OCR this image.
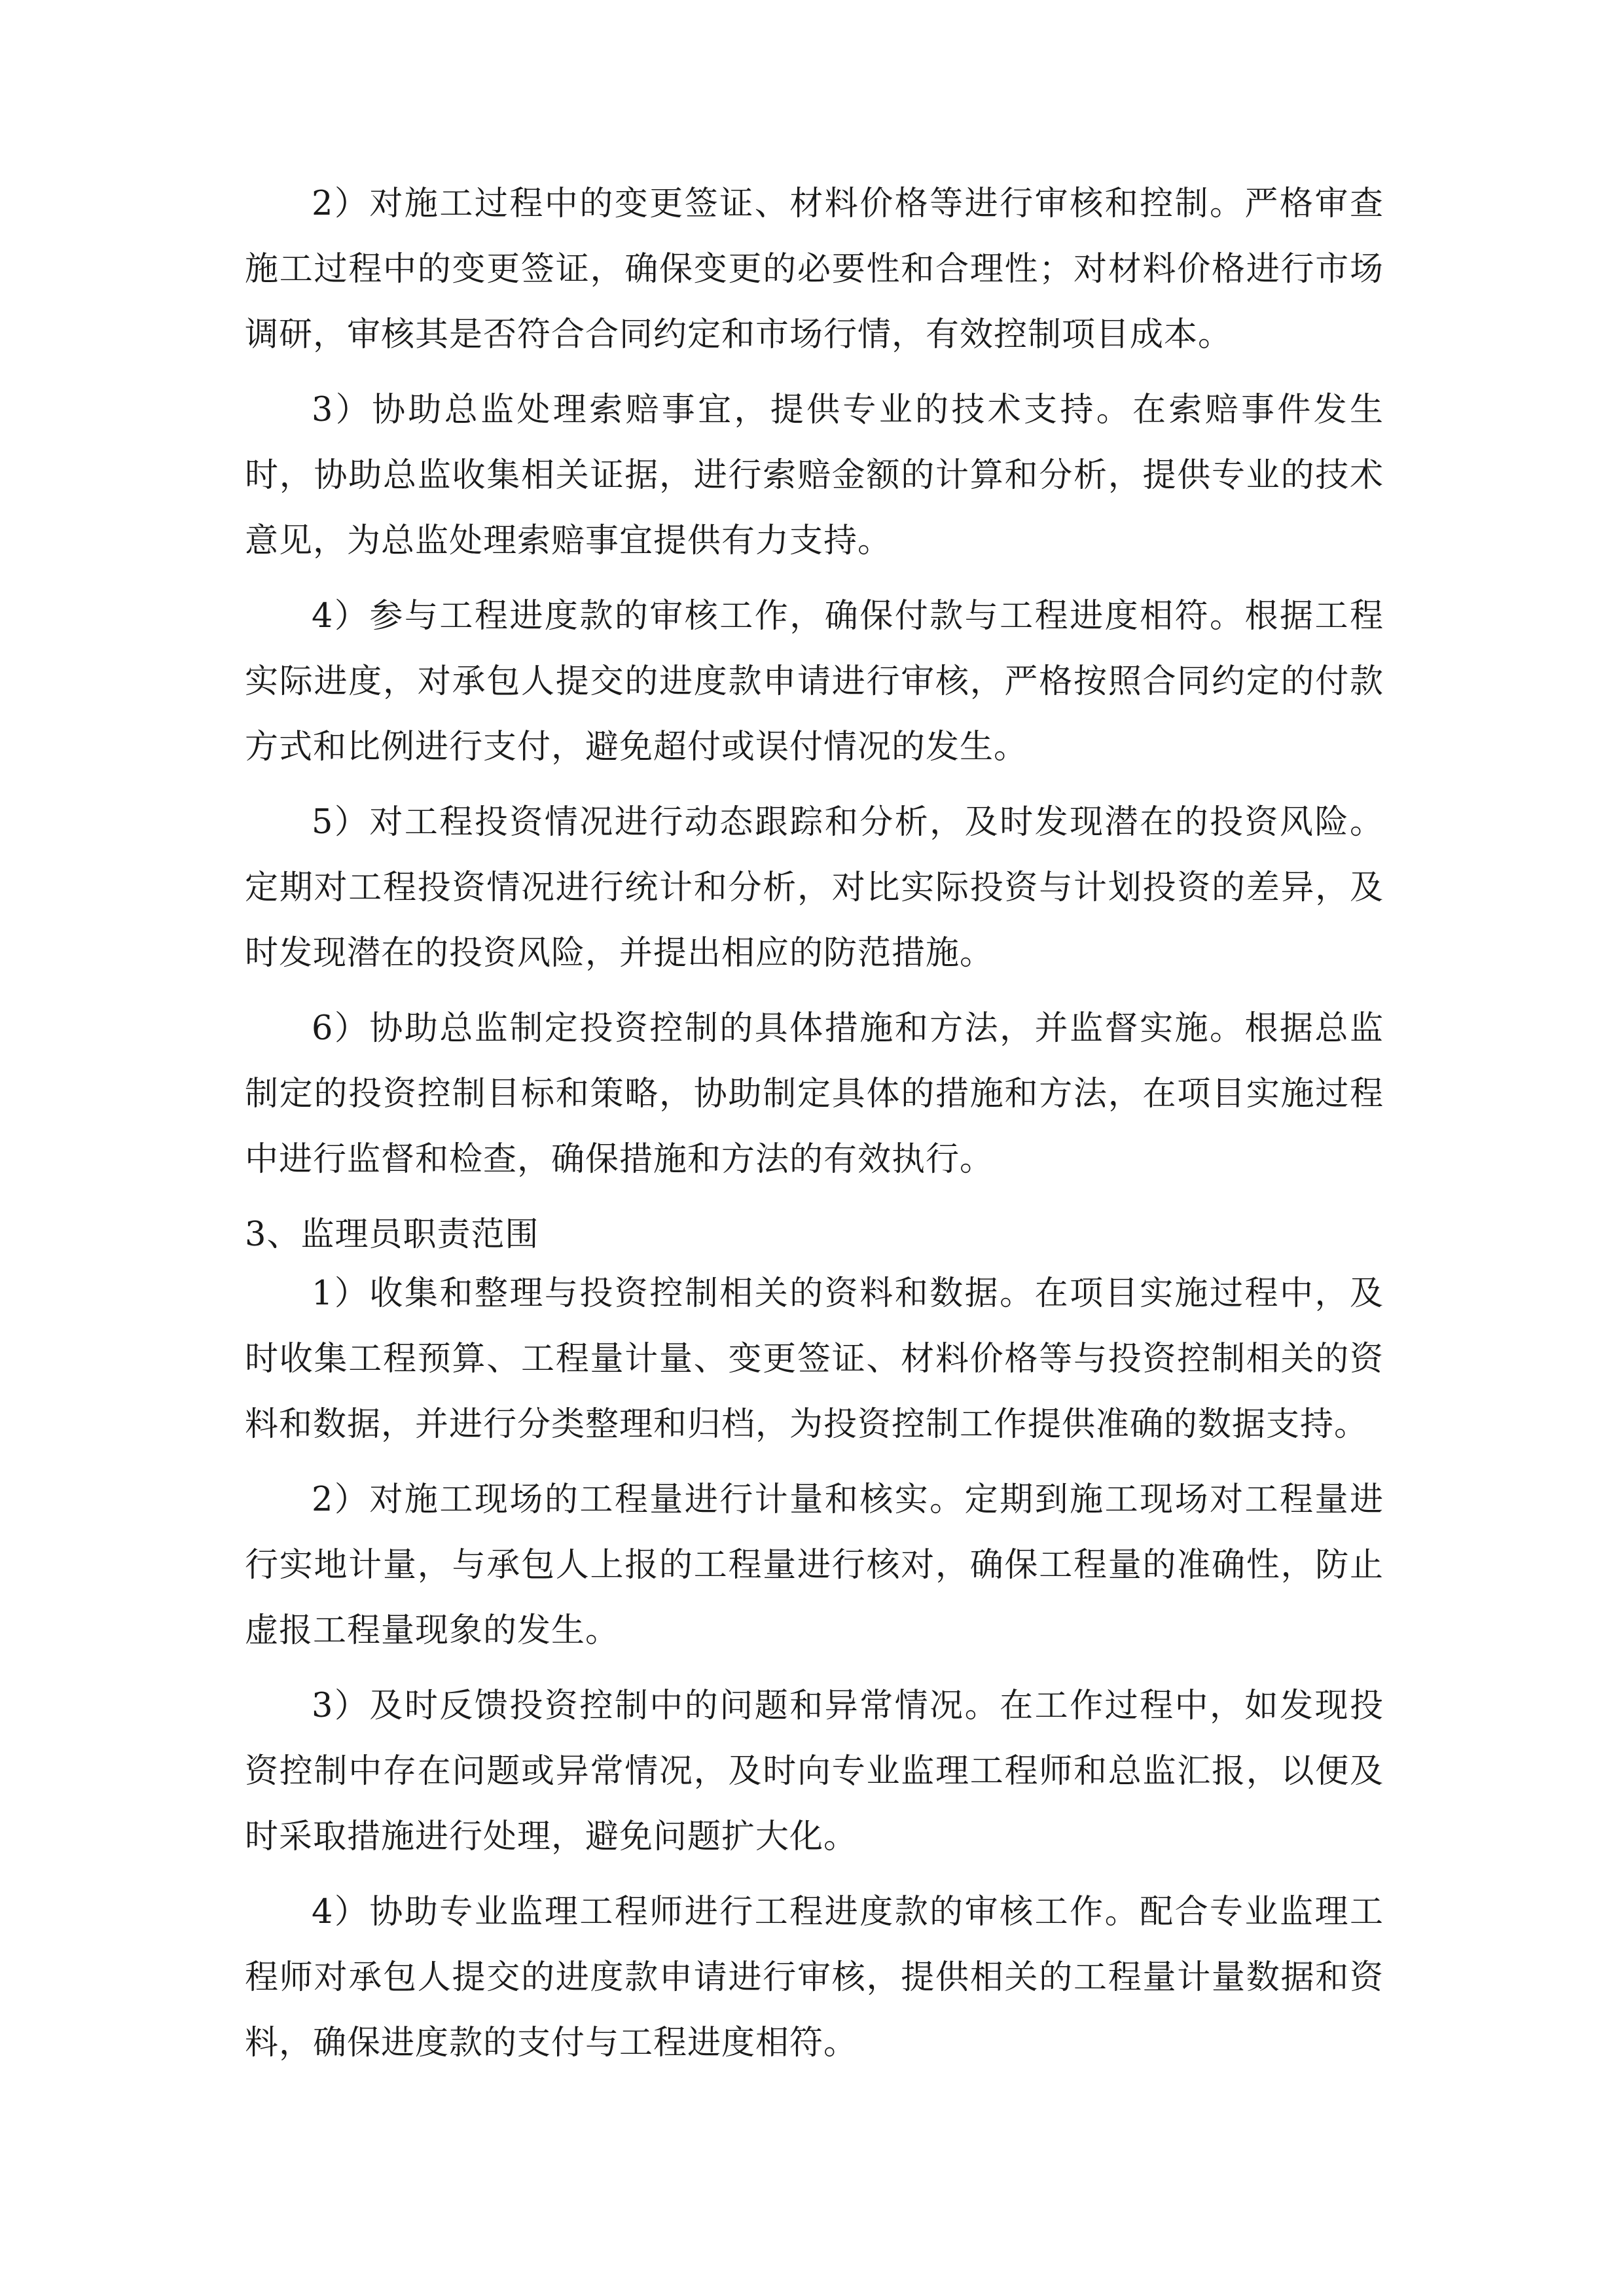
2）对施工过程中的变更签证、材料价格等进行审核和控制。严格审查施工过程中的变更签证，确保变更的必要性和合理性；对材料价格进行市场调研，审核其是否符合合同约定和市场行情，有效控制项目成本。

3）协助总监处理索赔事宜，提供专业的技术支持。在索赔事件发生时，协助总监收集相关证据，进行索赔金额的计算和分析，提供专业的技术意见，为总监处理索赔事宜提供有力支持。

4）参与工程进度款的审核工作，确保付款与工程进度相符。根据工程实际进度，对承包人提交的进度款申请进行审核，严格按照合同约定的付款方式和比例进行支付，避免超付或误付情况的发生。

5）对工程投资情况进行动态跟踪和分析，及时发现潜在的投资风险。定期对工程投资情况进行统计和分析，对比实际投资与计划投资的差异，及时发现潜在的投资风险，并提出相应的防范措施。

6）协助总监制定投资控制的具体措施和方法，并监督实施。根据总监制定的投资控制目标和策略，协助制定具体的措施和方法，在项目实施过程中进行监督和检查，确保措施和方法的有效执行。

3、监理员职责范围

1）收集和整理与投资控制相关的资料和数据。在项目实施过程中，及时收集工程预算、工程量计量、变更签证、材料价格等与投资控制相关的资料和数据，并进行分类整理和归档，为投资控制工作提供准确的数据支持。

2）对施工现场的工程量进行计量和核实。定期到施工现场对工程量进行实地计量，与承包人上报的工程量进行核对，确保工程量的准确性，防止虚报工程量现象的发生。

3）及时反馈投资控制中的问题和异常情况。在工作过程中，如发现投资控制中存在问题或异常情况，及时向专业监理工程师和总监汇报，以便及时采取措施进行处理，避免问题扩大化。

4）协助专业监理工程师进行工程进度款的审核工作。配合专业监理工程师对承包人提交的进度款申请进行审核，提供相关的工程量计量数据和资料，确保进度款的支付与工程进度相符。
